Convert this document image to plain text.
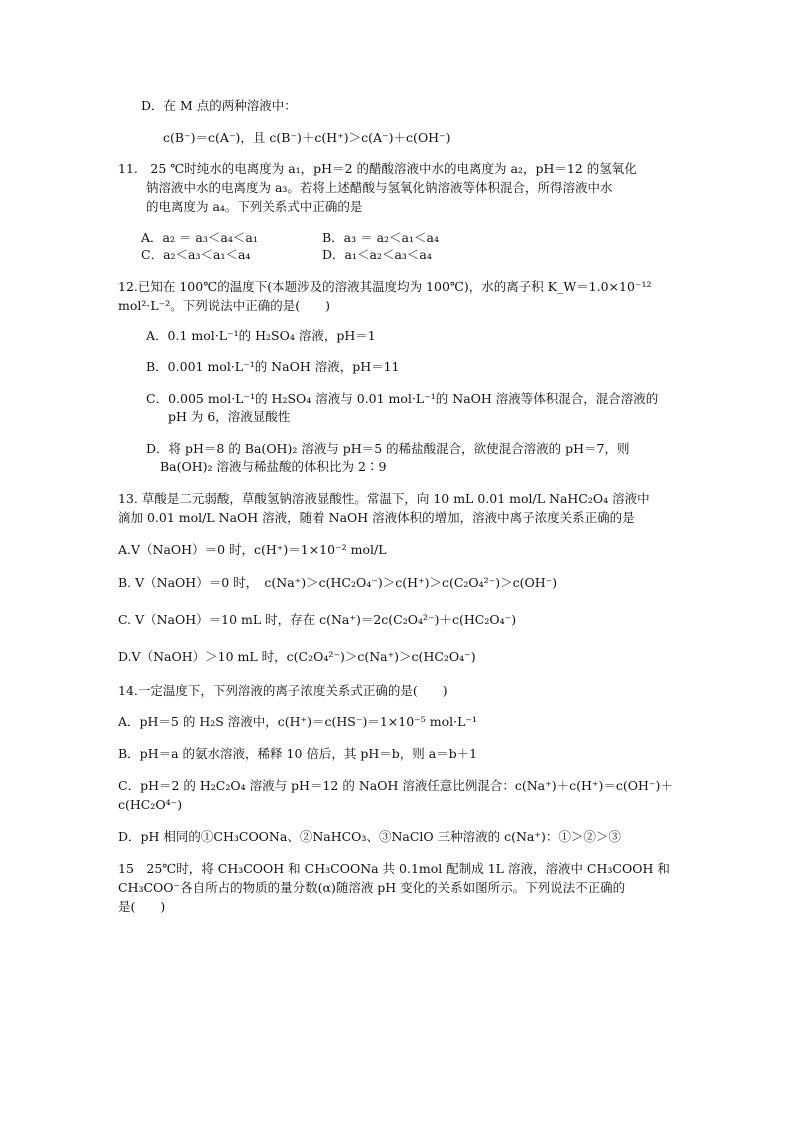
D．在 M 点的两种溶液中：
c(B⁻)＝c(A⁻)，且 c(B⁻)＋c(H⁺)＞c(A⁻)＋c(OH⁻)
11.　25 ℃时纯水的电离度为 a₁，pH＝2 的醋酸溶液中水的电离度为 a₂，pH＝12 的氢氧化
钠溶液中水的电离度为 a₃。若将上述醋酸与氢氧化钠溶液等体积混合，所得溶液中水
的电离度为 a₄。下列关系式中正确的是
A．a₂ ＝ a₃＜a₄＜a₁	B．a₃ ＝ a₂＜a₁＜a₄
C．a₂＜a₃＜a₁＜a₄	D．a₁＜a₂＜a₃＜a₄
12.已知在 100℃的温度下(本题涉及的溶液其温度均为 100℃)，水的离子积 K_W＝1.0×10⁻¹²
mol²·L⁻²。下列说法中正确的是(　　)
A．0.1 mol·L⁻¹的 H₂SO₄ 溶液，pH＝1
B．0.001 mol·L⁻¹的 NaOH 溶液，pH＝11
C．0.005 mol·L⁻¹的 H₂SO₄ 溶液与 0.01 mol·L⁻¹的 NaOH 溶液等体积混合，混合溶液的
pH 为 6，溶液显酸性
D．将 pH＝8 的 Ba(OH)₂ 溶液与 pH＝5 的稀盐酸混合，欲使混合溶液的 pH＝7，则
Ba(OH)₂ 溶液与稀盐酸的体积比为 2∶9
13. 草酸是二元弱酸，草酸氢钠溶液显酸性。常温下，向 10 mL 0.01 mol/L NaHC₂O₄ 溶液中
滴加 0.01 mol/L NaOH 溶液，随着 NaOH 溶液体积的增加，溶液中离子浓度关系正确的是
A.V（NaOH）＝0 时，c(H⁺)＝1×10⁻² mol/L
B. V（NaOH）＝0 时，　c(Na⁺)＞c(HC₂O₄⁻)＞c(H⁺)＞c(C₂O₄²⁻)＞c(OH⁻)
C. V（NaOH）＝10 mL 时，存在 c(Na⁺)＝2c(C₂O₄²⁻)＋c(HC₂O₄⁻)
D.V（NaOH）＞10 mL 时，c(C₂O₄²⁻)＞c(Na⁺)＞c(HC₂O₄⁻)
14.一定温度下，下列溶液的离子浓度关系式正确的是(　　)
A．pH＝5 的 H₂S 溶液中，c(H⁺)＝c(HS⁻)＝1×10⁻⁵ mol·L⁻¹
B．pH＝a 的氨水溶液，稀释 10 倍后，其 pH＝b，则 a＝b＋1
C．pH＝2 的 H₂C₂O₄ 溶液与 pH＝12 的 NaOH 溶液任意比例混合：c(Na⁺)＋c(H⁺)＝c(OH⁻)＋
c(HC₂O⁴⁻)
D．pH 相同的①CH₃COONa、②NaHCO₃、③NaClO 三种溶液的 c(Na⁺)：①＞②＞③
15　25℃时，将 CH₃COOH 和 CH₃COONa 共 0.1mol 配制成 1L 溶液，溶液中 CH₃COOH 和
CH₃COO⁻各自所占的物质的量分数(α)随溶液 pH 变化的关系如图所示。下列说法不正确的
是(　　)
